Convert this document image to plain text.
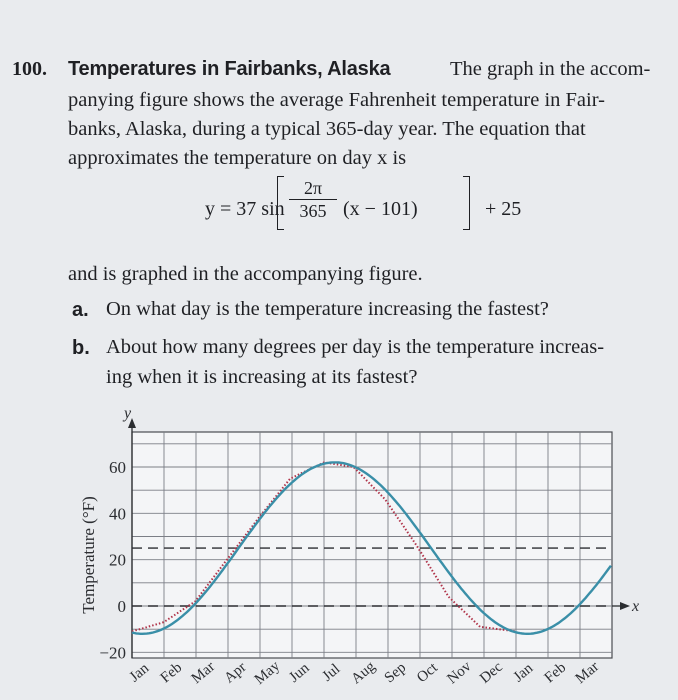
100. Temperatures in Fairbanks, Alaska	The graph in the accom-
panying figure shows the average Fahrenheit temperature in Fair-
banks, Alaska, during a typical 365-day year. The equation that
approximates the temperature on day x is
y = 37 $\sin \frac{2\pi}{365} (x - 101)$	+ 25
and is graphed in the accompanying figure.
a. On what day is the temperature increasing the fastest?
b. About how many degrees per day is the temperature increas-
ing when it is increasing at its fastest?
y
x
−20
0
20
40
60
Temperature (°F)
Jan Feb Mar Apr May Jun Jul Aug Sep Oct Nov Dec Jan Feb Mar
